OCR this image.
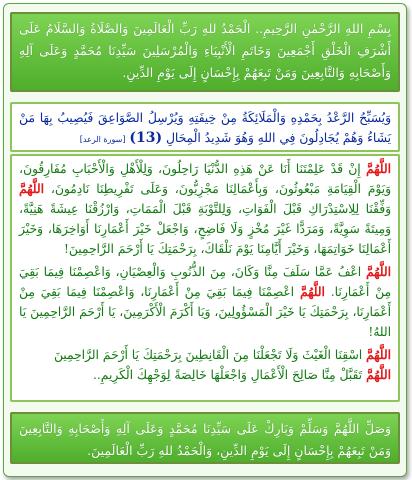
بِسْمِ اللهِ الرَّحْمٰنِ الرَّحِيمِ.. الْحَمْدُ للهِ رَبِّ الْعَالَمِينَ وَالصَّلَاةُ وَالسَّلَامُ عَلَى أَشْرَفِ الْخَلْقِ أَجْمَعِينَ وَخَاتَمِ الْأَنْبِيَاءِ وَالْمُرْسَلِينَ سَيِّدِنَا مُحَمَّدٍ وَعَلَى آلِهِ وَأَصْحَابِهِ وَالتَّابِعِينَ وَمَنْ تَبِعَهُمْ بِإِحْسَانٍ إِلَى يَوْمِ الدِّينِ.

وَيُسَبِّحُ الرَّعْدُ بِحَمْدِهِ وَالْمَلَائِكَةُ مِنْ خِيفَتِهِ وَيُرْسِلُ الصَّوَاعِقَ فَيُصِيبُ بِهَا مَنْ يَشَاءُ وَهُمْ يُجَادِلُونَ فِي اللهِ وَهُوَ شَدِيدُ الْمِحَالِ (13) [سورة الرعد]

اللَّهُمَّ إِنْ قَدْ عَلِمْتَنَا أَنَا عَنْ هَذِهِ الدُّنْيَا رَاحِلُونَ، وَلِلْأَهْلِ وَالْأَحْبَابِ مُفَارِقُونَ، وَيَوْمَ الْقِيَامَةِ مَبْعُوثُونَ، وَبِأَعْمَالِنَا مَجْزِيُّونَ، وَعَلَى تَفْرِيطِنَا نَادِمُونَ، اللَّهُمَّ وَفِّقْنَا لِلِاسْتِدْرَاكِ قَبْلَ الْفَوَاتِ، وَلِلتَّوْبَةِ قَبْلَ الْمَمَاتِ، وَارْزُقْنَا عِيشَةً هَنِيَّةً، وَمِيتَةً سَوِيَّةً، وَمَرَدًّا غَيْرَ مُخْزٍ وَلَا فَاضِحٍ، وَاجْعَلْ خَيْرَ أَعْمَارِنَا أَوَاخِرَهَا، وَخَيْرَ أَعْمَالِنَا خَوَاتِمَهَا، وَخَيْرَ أَيَّامِنَا يَوْمَ نَلْقَاكَ، بِرَحْمَتِكَ يَا أَرْحَمَ الرَّاحِمِينَ!

اللَّهُمَّ اعْفُ عَمَّا سَلَفَ مِنَّا وَكَانَ، مِنَ الذُّنُوبِ وَالْعِصْيَانِ، وَاعْصِمْنَا فِيمَا بَقِيَ مِنْ أَعْمَارِنَا. اللَّهُمَّ اعْصِمْنَا فِيمَا بَقِيَ مِنْ أَعْمَارِنَا، وَاعْصِمْنَا فِيمَا بَقِيَ مِنْ أَعْمَارِنَا، بِرَحْمَتِكَ يَا خَيْرَ الْمَسْؤُولِينَ، وَيَا أَكْرَمَ الْأَكْرَمِينَ، يَا أَرْحَمَ الرَّاحِمِينَ يَا اللهُ!

اللَّهُمَّ اسْقِنَا الْغَيْثَ وَلَا تَجْعَلْنَا مِنَ الْقَانِطِينَ بِرَحْمَتِكَ يَا أَرْحَمَ الرَّاحِمِينَ

اللَّهُمَّ تَقَبَّلْ مِنَّا صَالِحَ الْأَعْمَالِ وَاجْعَلْهَا خَالِصَةً لِوَجْهِكَ الْكَرِيمِ..

وَصَلِّ اللَّهُمَّ وَسَلِّمْ وَبَارِكْ عَلَى سَيِّدِنَا مُحَمَّدٍ وَعَلَى آلِهِ وَأَصْحَابِهِ وَالتَّابِعِينَ وَمَنْ تَبِعَهُمْ بِإِحْسَانٍ إِلَى يَوْمِ الدِّينِ، وَالْحَمْدُ للهِ رَبِّ الْعَالَمِينَ.
